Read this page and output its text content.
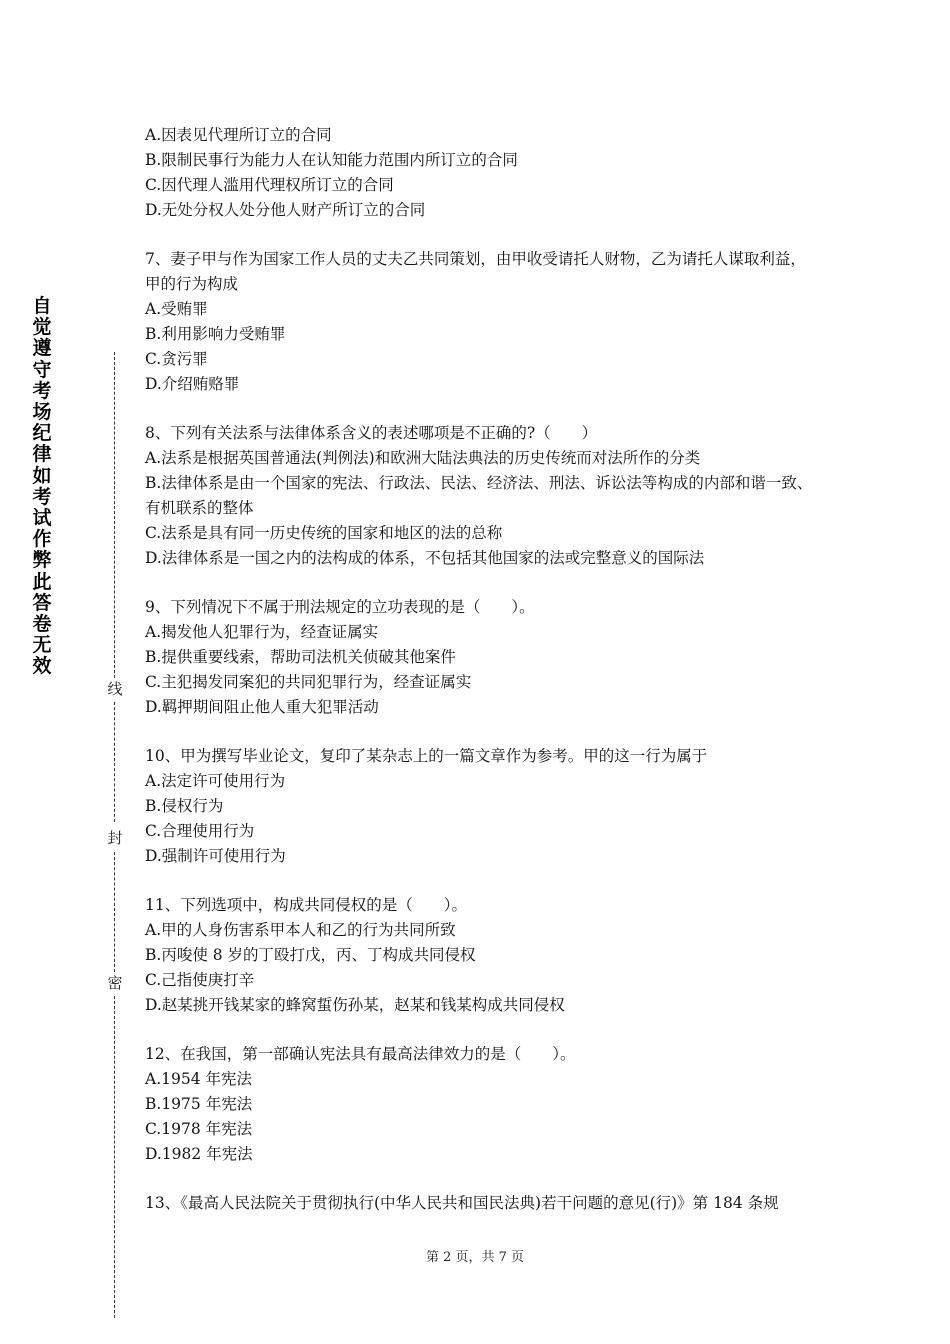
自觉遵守考场纪律如考试作弊此答卷无效
线
封
密
A.因表见代理所订立的合同
B.限制民事行为能力人在认知能力范围内所订立的合同
C.因代理人滥用代理权所订立的合同
D.无处分权人处分他人财产所订立的合同

7、妻子甲与作为国家工作人员的丈夫乙共同策划，由甲收受请托人财物，乙为请托人谋取利益，甲的行为构成

A.受贿罪
B.利用影响力受贿罪
C.贪污罪
D.介绍贿赂罪

8、下列有关法系与法律体系含义的表述哪项是不正确的?（　　）

A.法系是根据英国普通法(判例法)和欧洲大陆法典法的历史传统而对法所作的分类
B.法律体系是由一个国家的宪法、行政法、民法、经济法、刑法、诉讼法等构成的内部和谐一致、有机联系的整体
C.法系是具有同一历史传统的国家和地区的法的总称
D.法律体系是一国之内的法构成的体系，不包括其他国家的法或完整意义的国际法

9、下列情况下不属于刑法规定的立功表现的是（　　）。

A.揭发他人犯罪行为，经查证属实
B.提供重要线索，帮助司法机关侦破其他案件
C.主犯揭发同案犯的共同犯罪行为，经查证属实
D.羁押期间阻止他人重大犯罪活动

10、甲为撰写毕业论文，复印了某杂志上的一篇文章作为参考。甲的这一行为属于

A.法定许可使用行为
B.侵权行为
C.合理使用行为
D.强制许可使用行为

11、下列选项中，构成共同侵权的是（　　）。

A.甲的人身伤害系甲本人和乙的行为共同所致
B.丙唆使 8 岁的丁殴打戊，丙、丁构成共同侵权
C.己指使庚打辛
D.赵某挑开钱某家的蜂窝蜇伤孙某，赵某和钱某构成共同侵权

12、在我国，第一部确认宪法具有最高法律效力的是（　　）。

A.1954 年宪法
B.1975 年宪法
C.1978 年宪法
D.1982 年宪法

13、《最高人民法院关于贯彻执行(中华人民共和国民法典)若干问题的意见(行)》第 184 条规

第 2 页，共 7 页
